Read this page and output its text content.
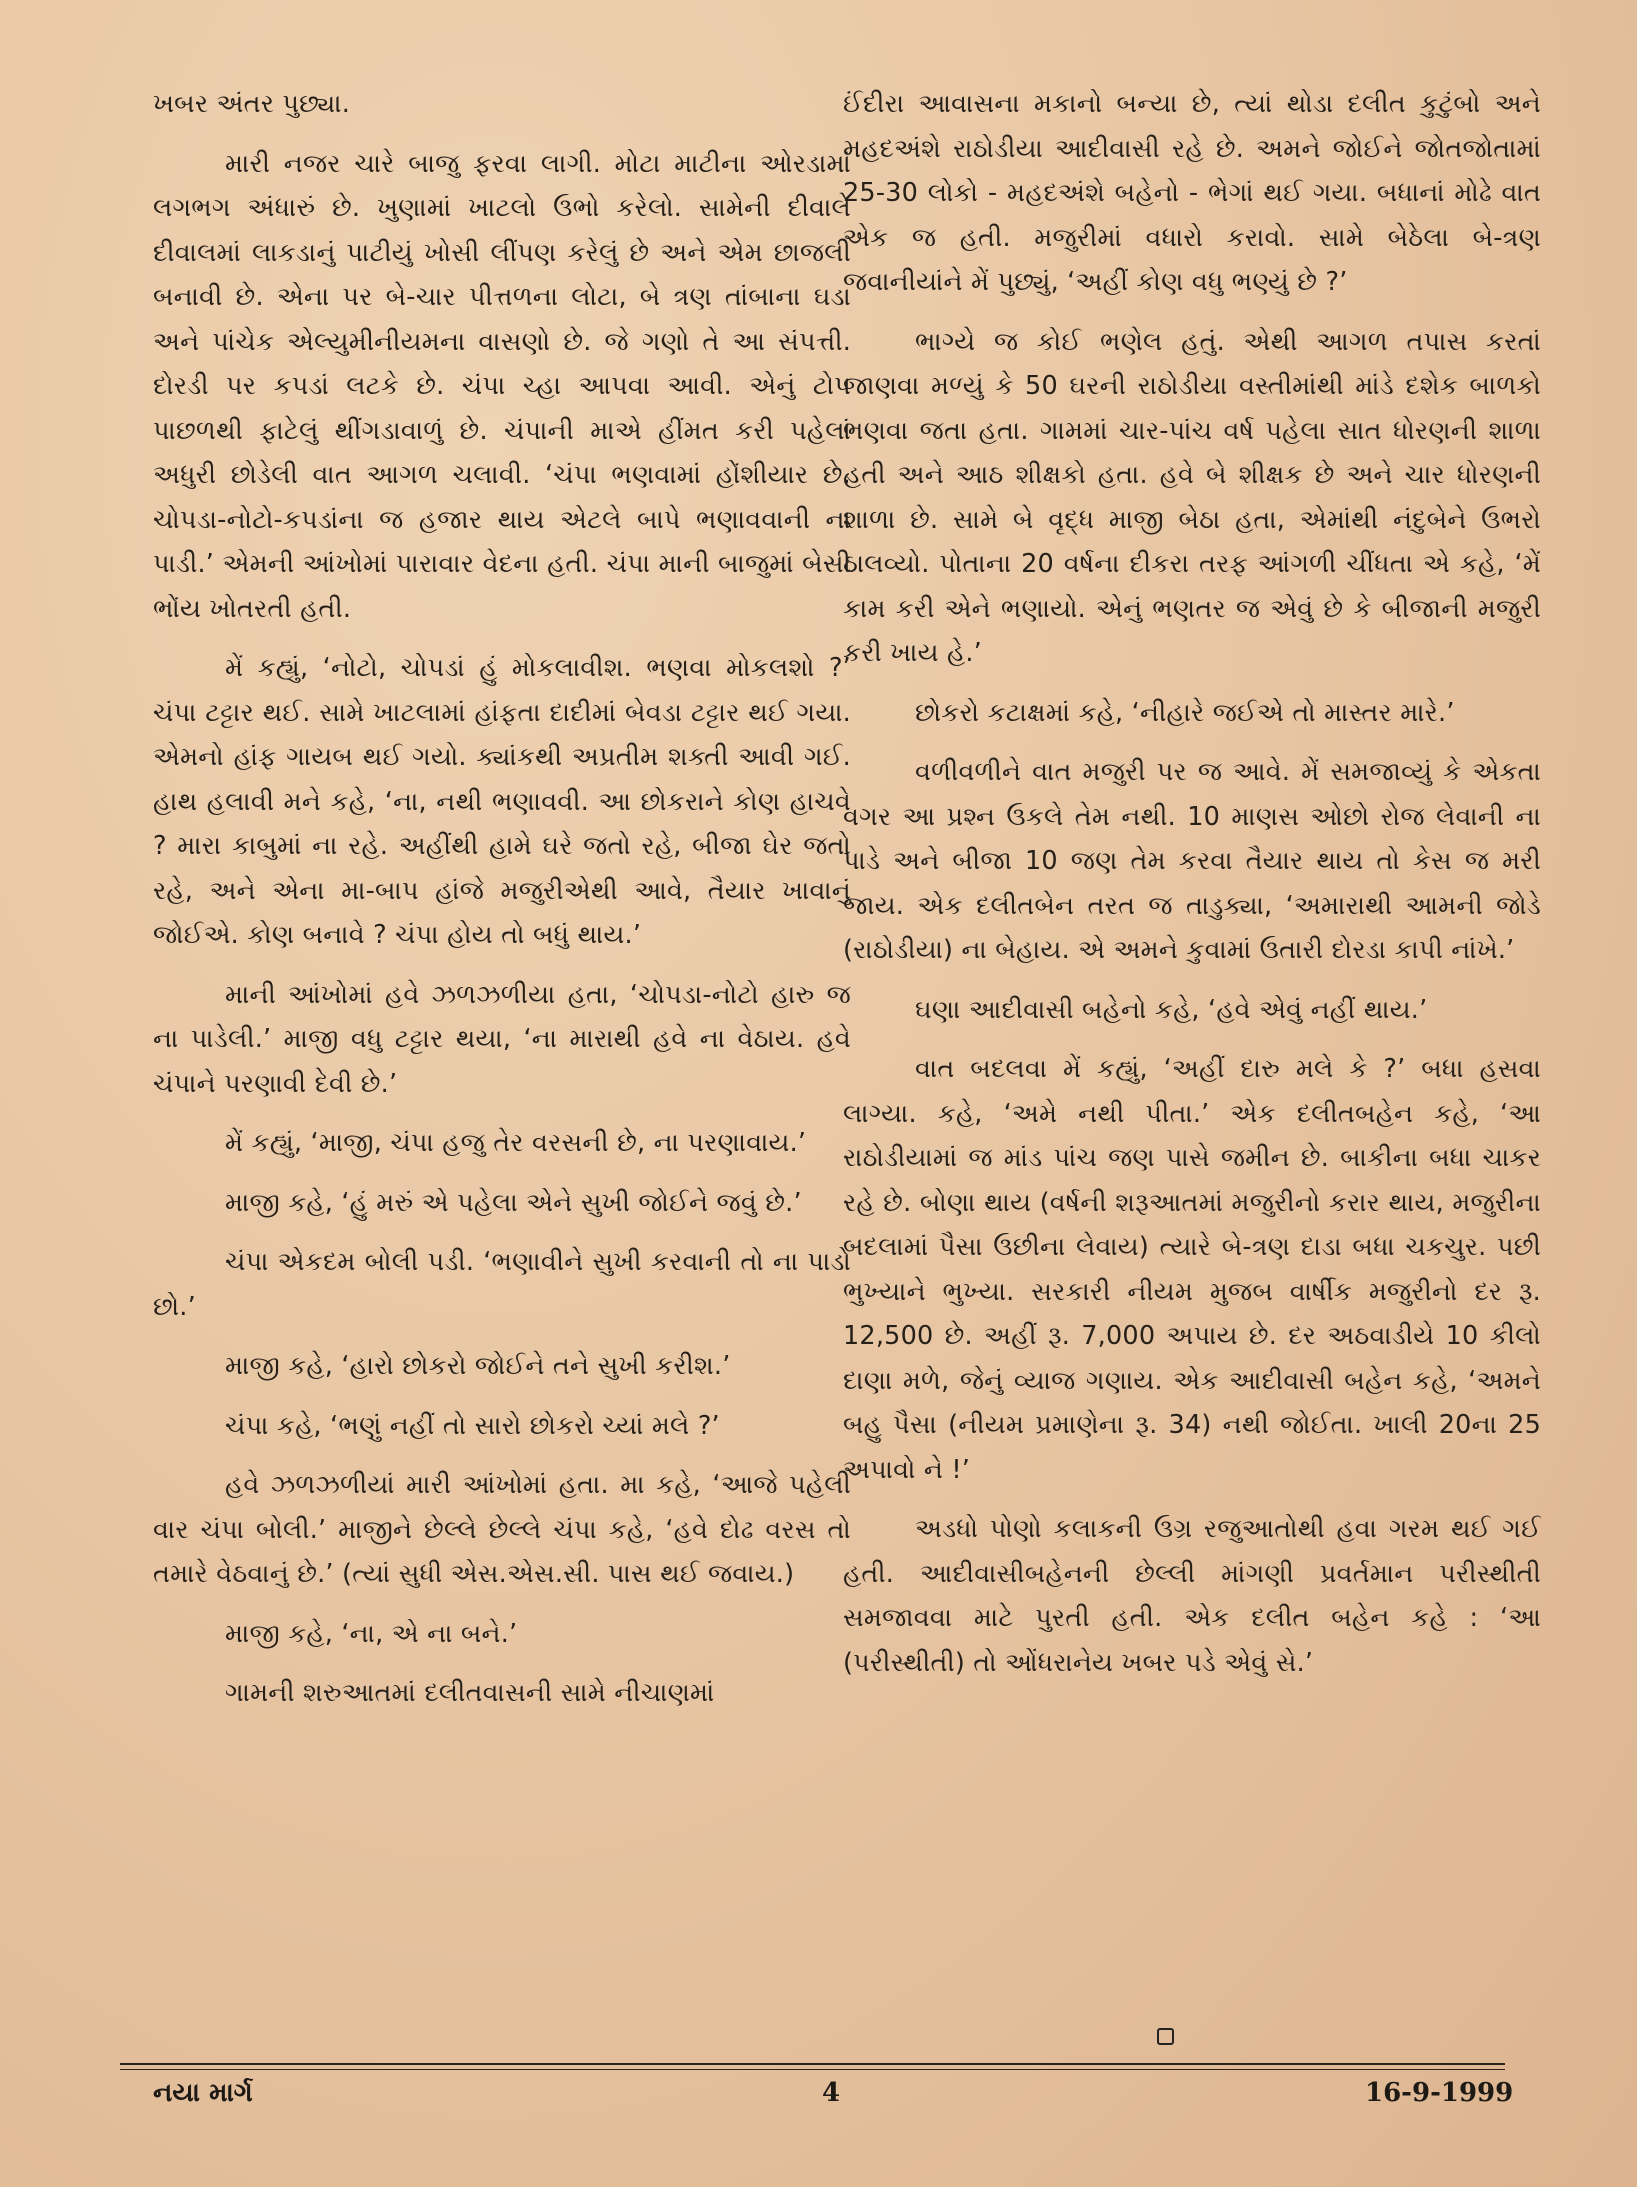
ખબર અંતર પુછ્યા.

મારી નજર ચારે બાજુ ફરવા લાગી. મોટા માટીના ઓરડામાં લગભગ અંધારું છે. ખુણામાં ખાટલો ઉભો કરેલો. સામેની દીવાલે દીવાલમાં લાકડાનું પાટીયું ખોસી લીંપણ કરેલું છે અને એમ છાજલી બનાવી છે. એના પર બે-ચાર પીત્તળના લોટા, બે ત્રણ તાંબાના ઘડા અને પાંચેક એલ્યુમીનીયમના વાસણો છે. જે ગણો તે આ સંપત્તી. દોરડી પર કપડાં લટકે છે. ચંપા ચ્હા આપવા આવી. એનું ટોપ પાછળથી ફાટેલું થીંગડાવાળું છે. ચંપાની માએ હીંમત કરી પહેલાં અધુરી છોડેલી વાત આગળ ચલાવી. ‘ચંપા ભણવામાં હોંશીયાર છે. ચોપડા-નોટો-કપડાંના જ હજાર થાય એટલે બાપે ભણાવવાની ના પાડી.’ એમની આંખોમાં પારાવાર વેદના હતી. ચંપા માની બાજુમાં બેસી ભોંય ખોતરતી હતી.

મેં કહ્યું, ‘નોટો, ચોપડાં હું મોકલાવીશ. ભણવા મોકલશો ?’ ચંપા ટટ્ટાર થઈ. સામે ખાટલામાં હાંફતા દાદીમાં બેવડા ટટ્ટાર થઈ ગયા. એમનો હાંફ ગાયબ થઈ ગયો. ક્યાંકથી અપ્રતીમ શક્તી આવી ગઈ. હાથ હલાવી મને કહે, ‘ના, નથી ભણાવવી. આ છોકરાને કોણ હાચવે ? મારા કાબુમાં ના રહે. અહીંથી હામે ઘરે જતો રહે, બીજા ઘેર જતો રહે, અને એના મા-બાપ હાંજે મજુરીએથી આવે, તૈયાર ખાવાનું જોઈએ. કોણ બનાવે ? ચંપા હોય તો બધું થાય.’

માની આંખોમાં હવે ઝળઝળીયા હતા, ‘ચોપડા-નોટો હારુ જ ના પાડેલી.’ માજી વધુ ટટ્ટાર થયા, ‘ના મારાથી હવે ના વેઠાય. હવે ચંપાને પરણાવી દેવી છે.’

મેં કહ્યું, ‘માજી, ચંપા હજુ તેર વરસની છે, ના પરણાવાય.’

માજી કહે, ‘હું મરું એ પહેલા એને સુખી જોઈને જવું છે.’

ચંપા એકદમ બોલી પડી. ‘ભણાવીને સુખી કરવાની તો ના પાડો છો.’

માજી કહે, ‘હારો છોકરો જોઈને તને સુખી કરીશ.’

ચંપા કહે, ‘ભણું નહીં તો સારો છોકરો ચ્યાં મલે ?’

હવે ઝળઝળીયાં મારી આંખોમાં હતા. મા કહે, ‘આજે પહેલી વાર ચંપા બોલી.’ માજીને છેલ્લે છેલ્લે ચંપા કહે, ‘હવે દોઢ વરસ તો તમારે વેઠવાનું છે.’ (ત્યાં સુધી એસ.એસ.સી. પાસ થઈ જવાય.)

માજી કહે, ‘ના, એ ના બને.’

ગામની શરુઆતમાં દલીતવાસની સામે નીચાણમાં

ઈંદીરા આવાસના મકાનો બન્યા છે, ત્યાં થોડા દલીત કુટુંબો અને મહદઅંશે રાઠોડીયા આદીવાસી રહે છે. અમને જોઈને જોતજોતામાં 25-30 લોકો - મહદઅંશે બહેનો - ભેગાં થઈ ગયા. બધાનાં મોઢે વાત એક જ હતી. મજુરીમાં વધારો કરાવો. સામે બેઠેલા બે-ત્રણ જવાનીયાંને મેં પુછ્યું, ‘અહીં કોણ વધુ ભણ્યું છે ?’

ભાગ્યે જ કોઈ ભણેલ હતું. એથી આગળ તપાસ કરતાં જાણવા મળ્યું કે 50 ઘરની રાઠોડીયા વસ્તીમાંથી માંડે દશેક બાળકો ભણવા જતા હતા. ગામમાં ચાર-પાંચ વર્ષ પહેલા સાત ધોરણની શાળા હતી અને આઠ શીક્ષકો હતા. હવે બે શીક્ષક છે અને ચાર ધોરણની શાળા છે. સામે બે વૃદ્ધ માજી બેઠા હતા, એમાંથી નંદુબેને ઉભરો ઠાલવ્યો. પોતાના 20 વર્ષના દીકરા તરફ આંગળી ચીંધતા એ કહે, ‘મેં કામ કરી એને ભણાયો. એનું ભણતર જ એવું છે કે બીજાની મજુરી કરી ખાય હે.’

છોકરો કટાક્ષમાં કહે, ‘નીહારે જઈએ તો માસ્તર મારે.’

વળીવળીને વાત મજુરી પર જ આવે. મેં સમજાવ્યું કે એકતા વગર આ પ્રશ્ન ઉકલે તેમ નથી. 10 માણસ ઓછો રોજ લેવાની ના પાડે અને બીજા 10 જણ તેમ કરવા તૈયાર થાય તો કેસ જ મરી જાય. એક દલીતબેન તરત જ તાડુક્યા, ‘અમારાથી આમની જોડે (રાઠોડીયા) ના બેહાય. એ અમને કુવામાં ઉતારી દોરડા કાપી નાંખે.’

ઘણા આદીવાસી બહેનો કહે, ‘હવે એવું નહીં થાય.’

વાત બદલવા મેં કહ્યું, ‘અહીં દારુ મલે કે ?’ બધા હસવા લાગ્યા. કહે, ‘અમે નથી પીતા.’ એક દલીતબહેન કહે, ‘આ રાઠોડીયામાં જ માંડ પાંચ જણ પાસે જમીન છે. બાકીના બધા ચાકર રહે છે. બોણા થાય (વર્ષની શરૂઆતમાં મજુરીનો કરાર થાય, મજુરીના બદલામાં પૈસા ઉછીના લેવાય) ત્યારે બે-ત્રણ દાડા બધા ચકચુર. પછી ભુખ્યાને ભુખ્યા. સરકારી નીયમ મુજબ વાર્ષીક મજુરીનો દર રૂ. 12,500 છે. અહીં રૂ. 7,000 અપાય છે. દર અઠવાડીયે 10 કીલો દાણા મળે, જેનું વ્યાજ ગણાય. એક આદીવાસી બહેન કહે, ‘અમને બહુ પૈસા (નીયમ પ્રમાણેના રૂ. 34) નથી જોઈતા. ખાલી 20ના 25 અપાવો ને !’

અડધો પોણો કલાકની ઉગ્ર રજુઆતોથી હવા ગરમ થઈ ગઈ હતી. આદીવાસીબહેનની છેલ્લી માંગણી પ્રવર્તમાન પરીસ્થીતી સમજાવવા માટે પુરતી હતી. એક દલીત બહેન કહે : ‘આ (પરીસ્થીતી) તો ઓંધરાનેય ખબર પડે એવું સે.’

નયા માર્ગ	4	16-9-1999
